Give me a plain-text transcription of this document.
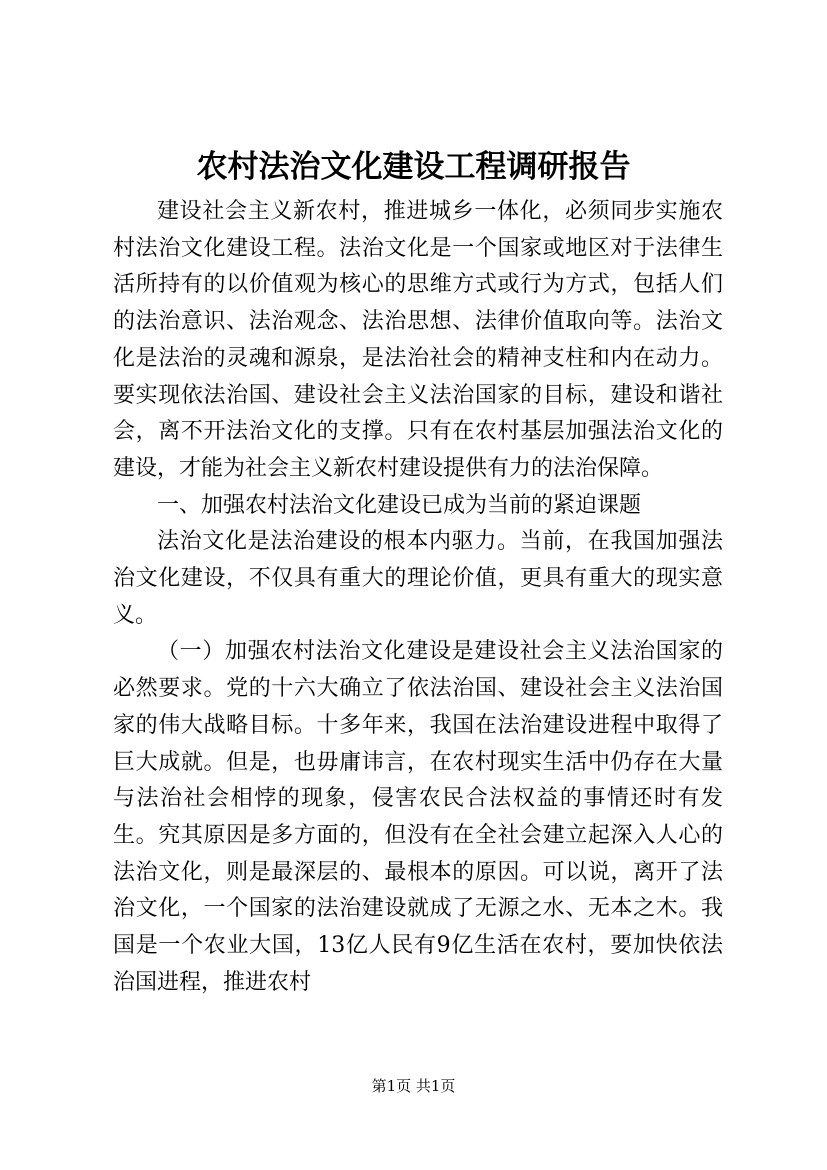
农村法治文化建设工程调研报告

建设社会主义新农村，推进城乡一体化，必须同步实施农村法治文化建设工程。法治文化是一个国家或地区对于法律生活所持有的以价值观为核心的思维方式或行为方式，包括人们的法治意识、法治观念、法治思想、法律价值取向等。法治文化是法治的灵魂和源泉，是法治社会的精神支柱和内在动力。要实现依法治国、建设社会主义法治国家的目标，建设和谐社会，离不开法治文化的支撑。只有在农村基层加强法治文化的建设，才能为社会主义新农村建设提供有力的法治保障。

一、加强农村法治文化建设已成为当前的紧迫课题

法治文化是法治建设的根本内驱力。当前，在我国加强法治文化建设，不仅具有重大的理论价值，更具有重大的现实意义。

（一）加强农村法治文化建设是建设社会主义法治国家的必然要求。党的十六大确立了依法治国、建设社会主义法治国家的伟大战略目标。十多年来，我国在法治建设进程中取得了巨大成就。但是，也毋庸讳言，在农村现实生活中仍存在大量与法治社会相悖的现象，侵害农民合法权益的事情还时有发生。究其原因是多方面的，但没有在全社会建立起深入人心的法治文化，则是最深层的、最根本的原因。可以说，离开了法治文化，一个国家的法治建设就成了无源之水、无本之木。我国是一个农业大国，13亿人民有9亿生活在农村，要加快依法治国进程，推进农村

第1页 共1页
